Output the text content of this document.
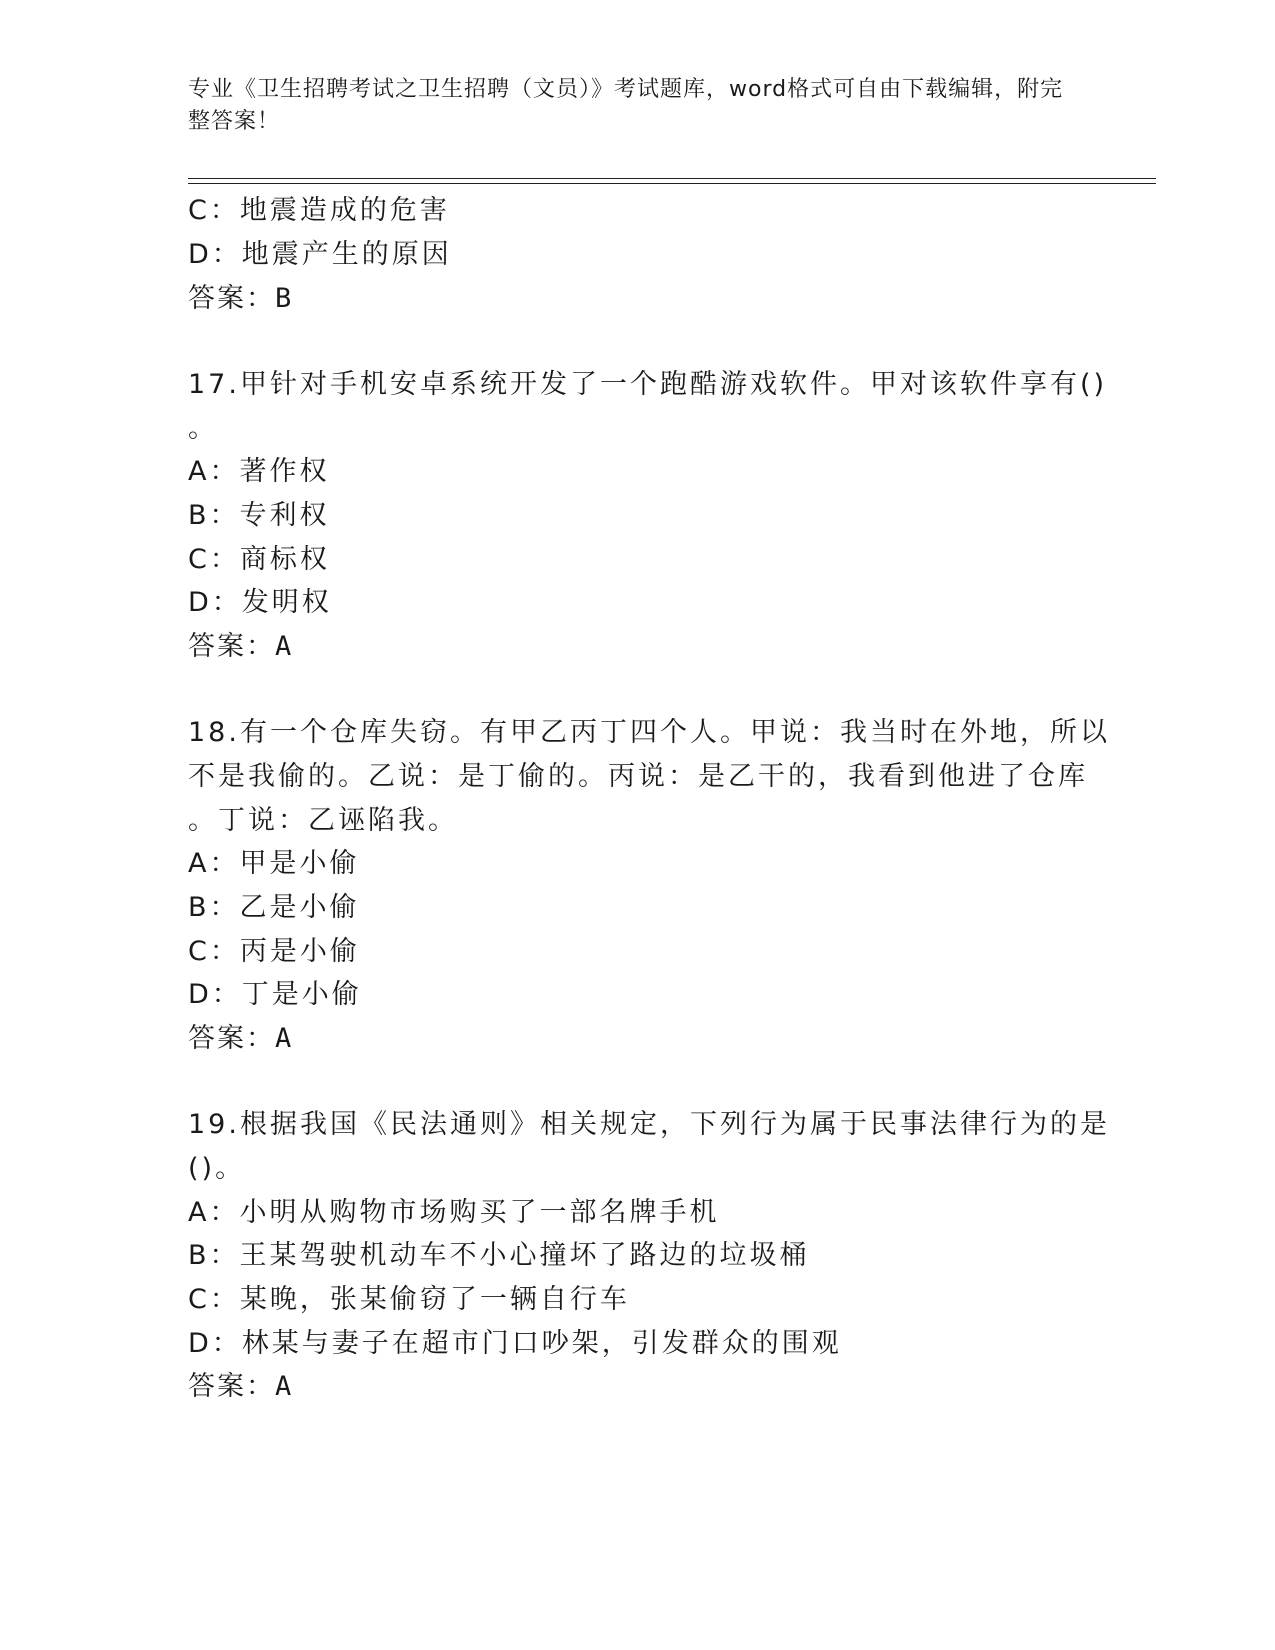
专业《卫生招聘考试之卫生招聘（文员）》考试题库，word格式可自由下载编辑，附完整答案！
C：地震造成的危害
D：地震产生的原因
答案：B
17.甲针对手机安卓系统开发了一个跑酷游戏软件。甲对该软件享有()
。
A：著作权
B：专利权
C：商标权
D：发明权
答案：A
18.有一个仓库失窃。有甲乙丙丁四个人。甲说：我当时在外地，所以
不是我偷的。乙说：是丁偷的。丙说：是乙干的，我看到他进了仓库
。丁说：乙诬陷我。
A：甲是小偷
B：乙是小偷
C：丙是小偷
D：丁是小偷
答案：A
19.根据我国《民法通则》相关规定，下列行为属于民事法律行为的是
()。
A：小明从购物市场购买了一部名牌手机
B：王某驾驶机动车不小心撞坏了路边的垃圾桶
C：某晚，张某偷窃了一辆自行车
D：林某与妻子在超市门口吵架，引发群众的围观
答案：A
